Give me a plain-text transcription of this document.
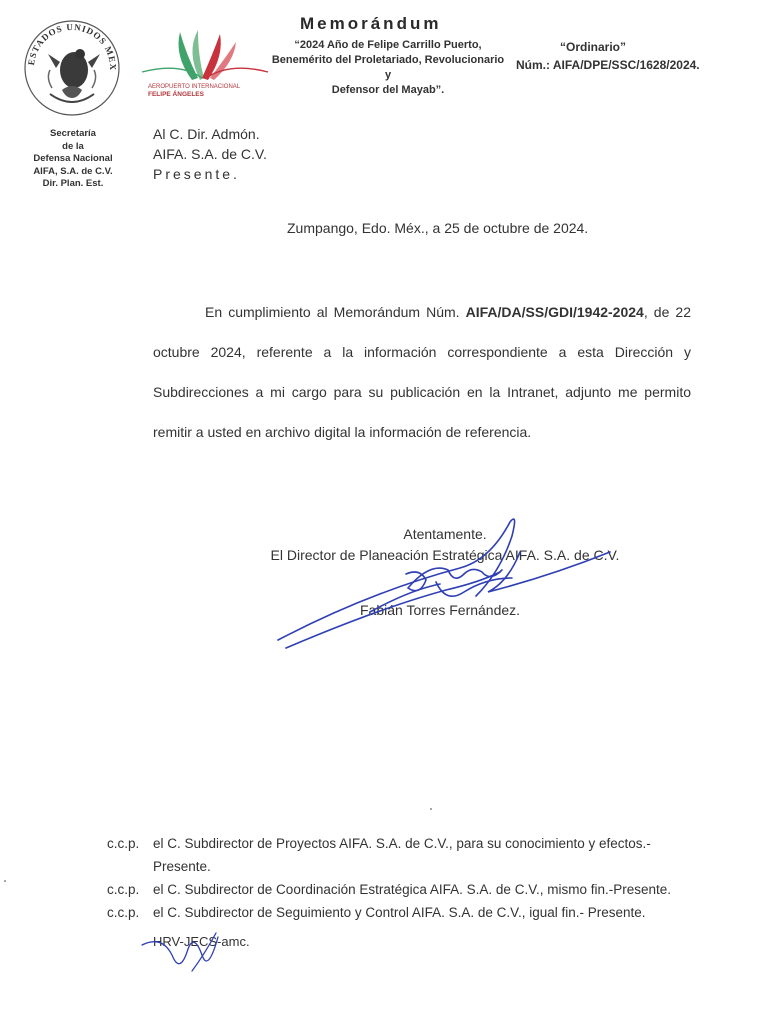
ESTADOS UNIDOS MEX
AEROPUERTO INTERNACIONAL
FELIPE ÁNGELES
Memorándum
“2024 Año de Felipe Carrillo Puerto,
Benemérito del Proletariado, Revolucionario y
Defensor del Mayab”.
“Ordinario”
Núm.: AIFA/DPE/SSC/1628/2024.
Secretaría
de la
Defensa Nacional
AIFA, S.A. de C.V.
Dir. Plan. Est.
Al C. Dir. Admón.
AIFA. S.A. de C.V.
Presente.
Zumpango, Edo. Méx., a 25 de octubre de 2024.

En cumplimiento al Memorándum Núm. AIFA/DA/SS/GDI/1942-2024, de 22 octubre 2024, referente a la información correspondiente a esta Dirección y Subdirecciones a mi cargo para su publicación en la Intranet, adjunto me permito remitir a usted en archivo digital la información de referencia.

Atentamente.
El Director de Planeación Estratégica AIFA. S.A. de C.V.
Fabián Torres Fernández.
c.c.p.	el C. Subdirector de Proyectos AIFA. S.A. de C.V., para su conocimiento y efectos.- Presente.
c.c.p.	el C. Subdirector de Coordinación Estratégica AIFA. S.A. de C.V., mismo fin.-Presente.
c.c.p.	el C. Subdirector de Seguimiento y Control AIFA. S.A. de C.V., igual fin.- Presente.
HRV-JECS-amc.
